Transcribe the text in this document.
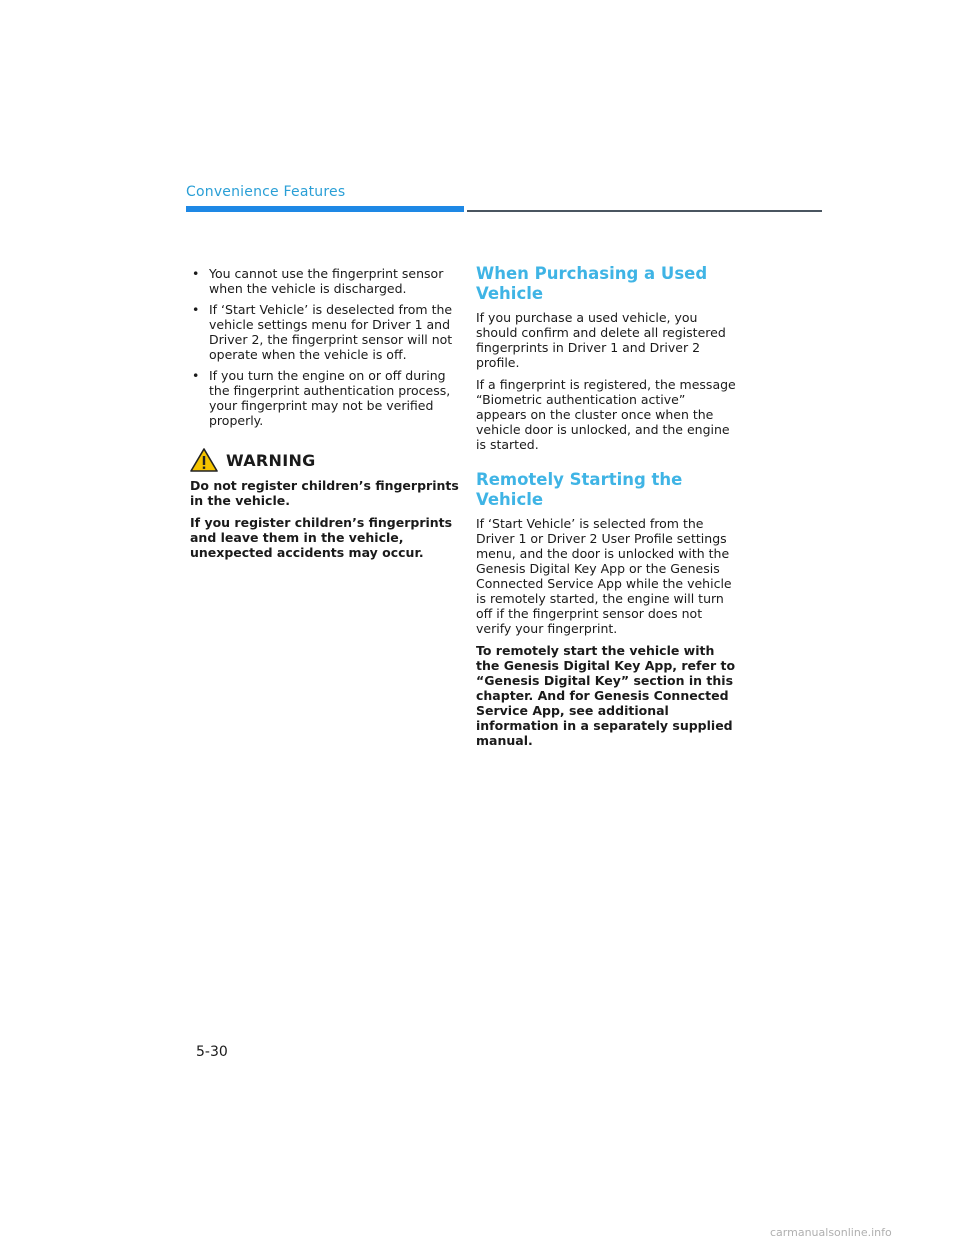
Convenience Features
• You cannot use the fingerprint sensor when the vehicle is discharged.
• If ‘Start Vehicle’ is deselected from the vehicle settings menu for Driver 1 and Driver 2, the fingerprint sensor will not operate when the vehicle is off.
• If you turn the engine on or off during the fingerprint authentication process, your fingerprint may not be verified properly.
WARNING

Do not register children’s fingerprints in the vehicle.

If you register children’s fingerprints and leave them in the vehicle, unexpected accidents may occur.

When Purchasing a Used Vehicle

If you purchase a used vehicle, you should confirm and delete all registered fingerprints in Driver 1 and Driver 2 profile.

If a fingerprint is registered, the message “Biometric authentication active” appears on the cluster once when the vehicle door is unlocked, and the engine is started.

Remotely Starting the Vehicle

If ‘Start Vehicle’ is selected from the Driver 1 or Driver 2 User Profile settings menu, and the door is unlocked with the Genesis Digital Key App or the Genesis Connected Service App while the vehicle is remotely started, the engine will turn off if the fingerprint sensor does not verify your fingerprint.

To remotely start the vehicle with the Genesis Digital Key App, refer to “Genesis Digital Key” section in this chapter. And for Genesis Connected Service App, see additional information in a separately supplied manual.

5-30
carmanualsonline.info
